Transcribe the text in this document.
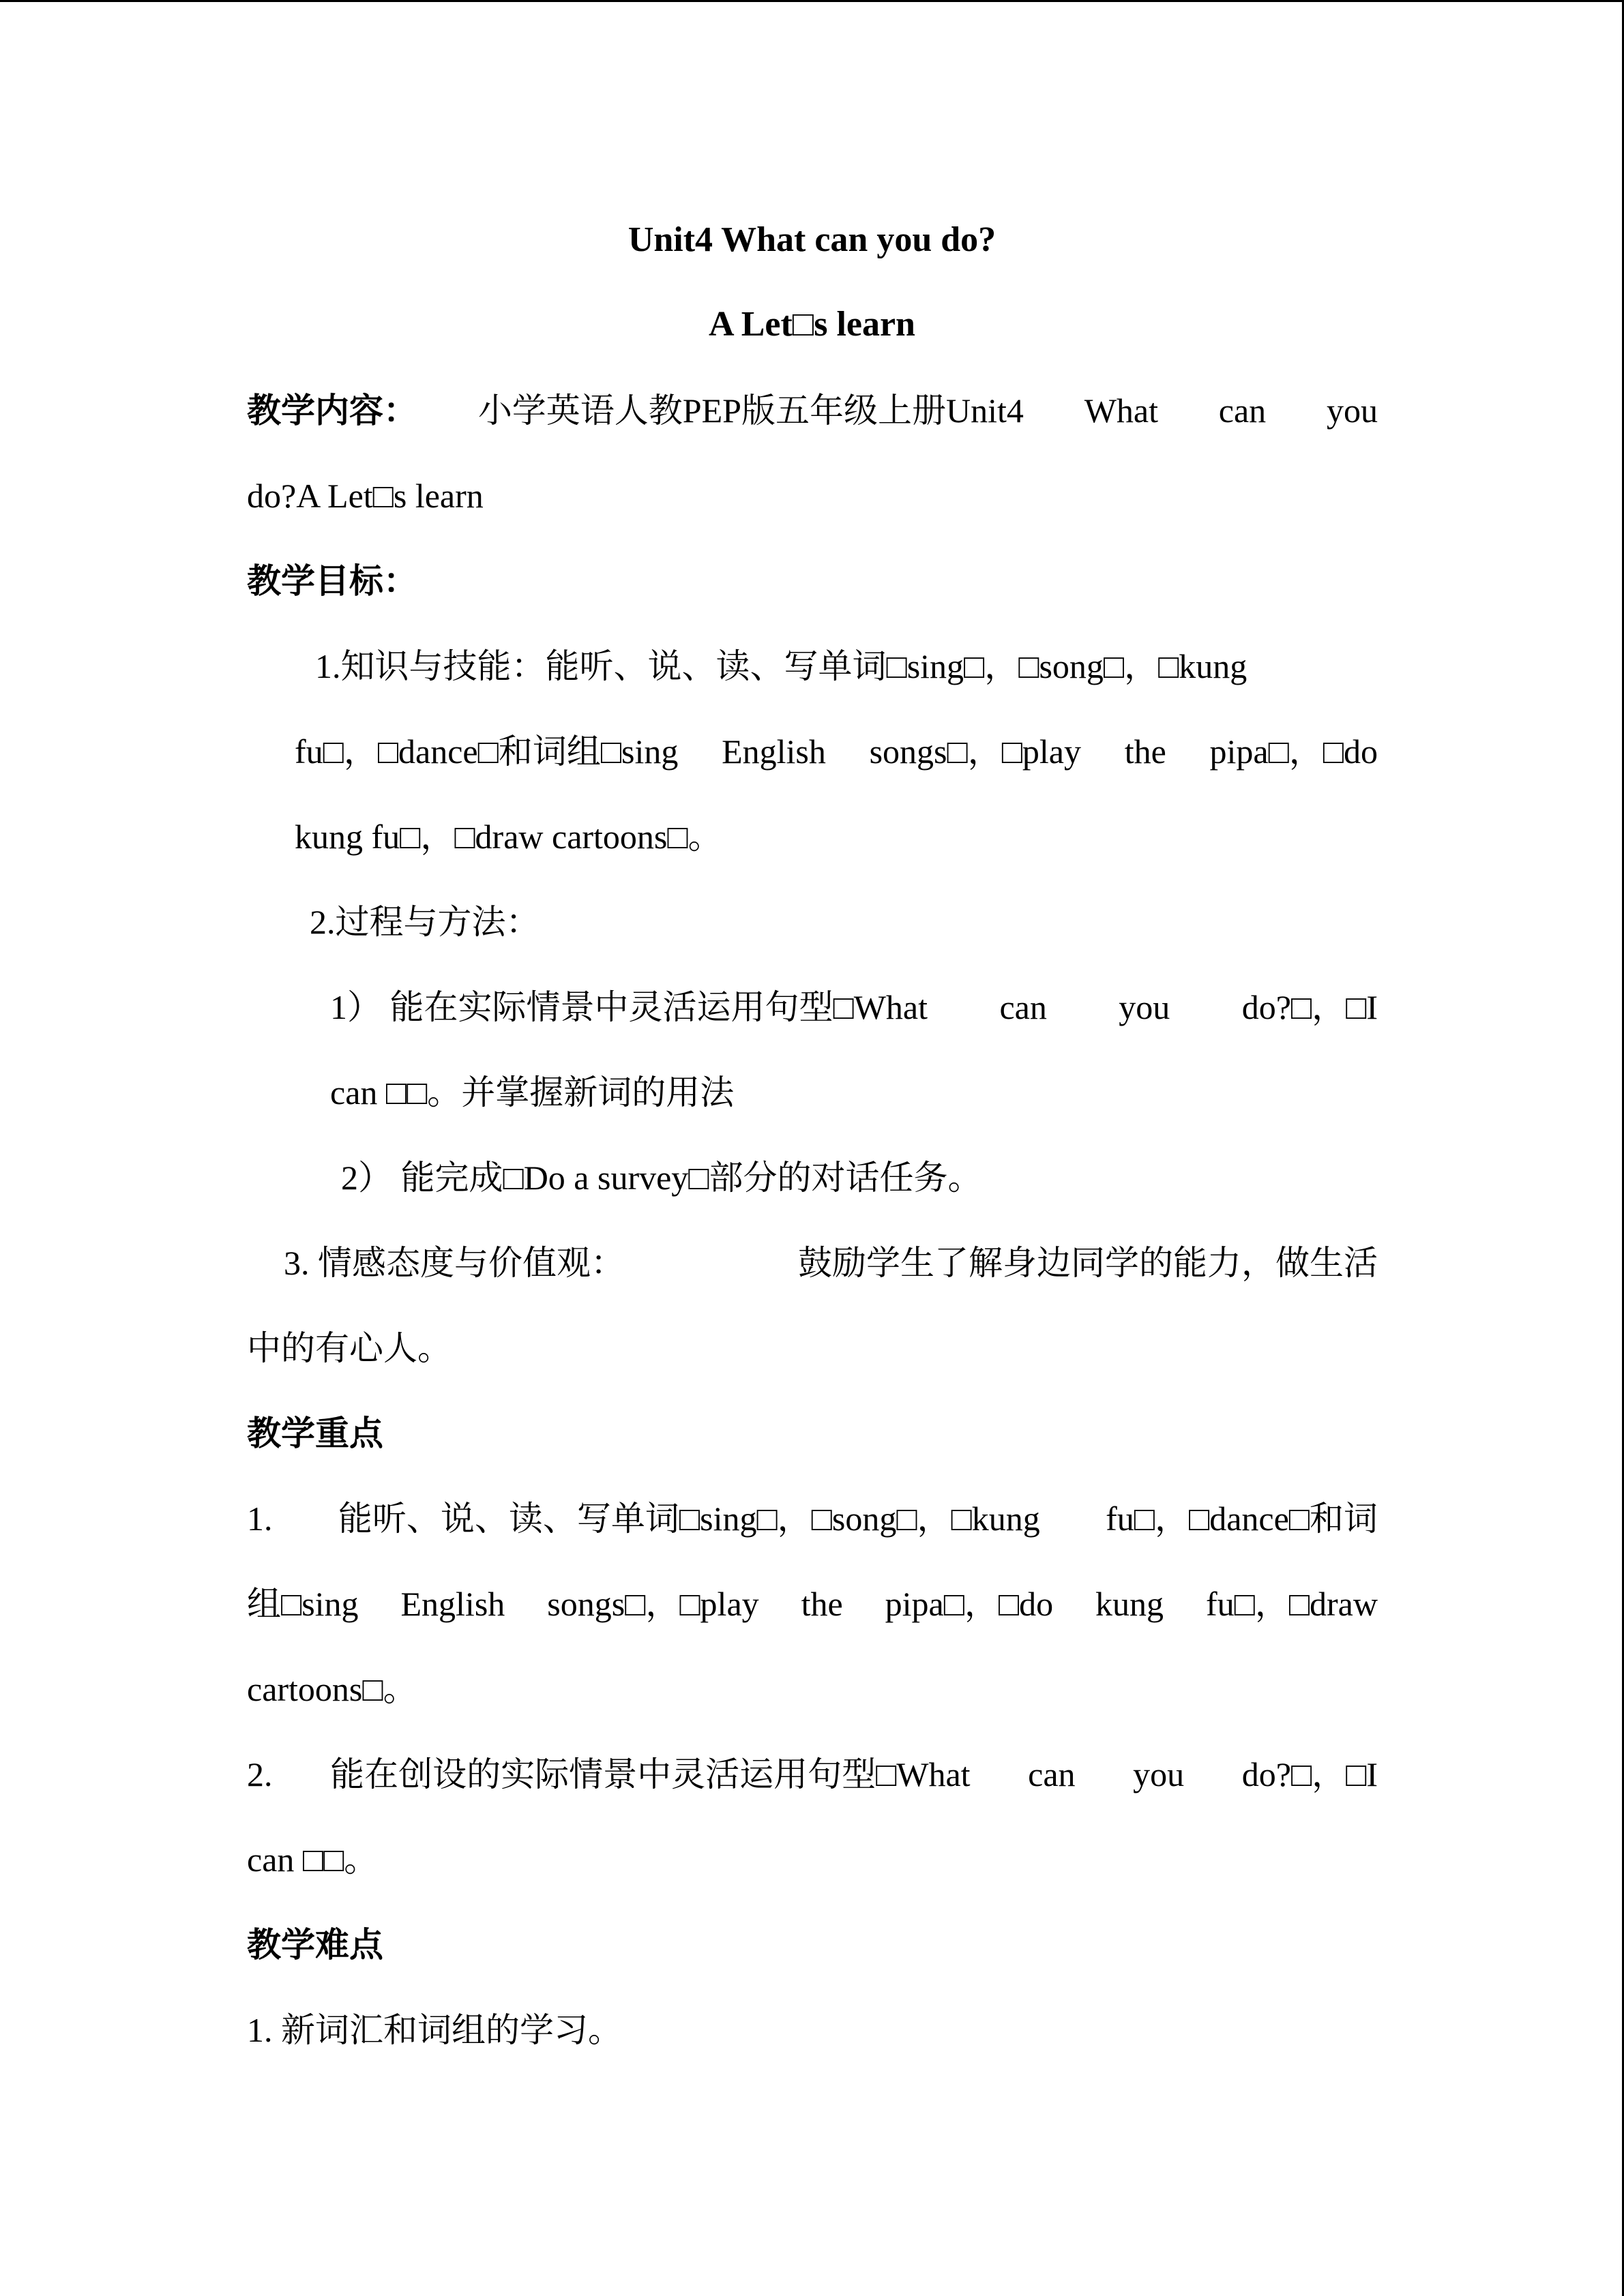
Unit4 What can you do?
A Let□s learn
教学内容： 小学英语人教PEP版五年级上册Unit4 What can you
do?A Let□s learn
教学目标：
1.知识与技能：能听、说、读、写单词□sing□，□song□，□kung
fu□，□dance□和词组□sing English songs□，□play the pipa□，□do
kung fu□，□draw cartoons□。
2.过程与方法：
1） 能在实际情景中灵活运用句型□What can you do?□，□I
can □□。并掌握新词的用法
2） 能完成□Do a survey□部分的对话任务。
3. 情感态度与价值观：	鼓励学生了解身边同学的能力，做生活
中的有心人。
教学重点
1. 能听、说、读、写单词□sing□，□song□，□kung fu□，□dance□和词
组□sing English songs□，□play the pipa□，□do kung fu□，□draw
cartoons□。
2. 能在创设的实际情景中灵活运用句型□What can you do?□，□I
can □□。
教学难点
1. 新词汇和词组的学习。
